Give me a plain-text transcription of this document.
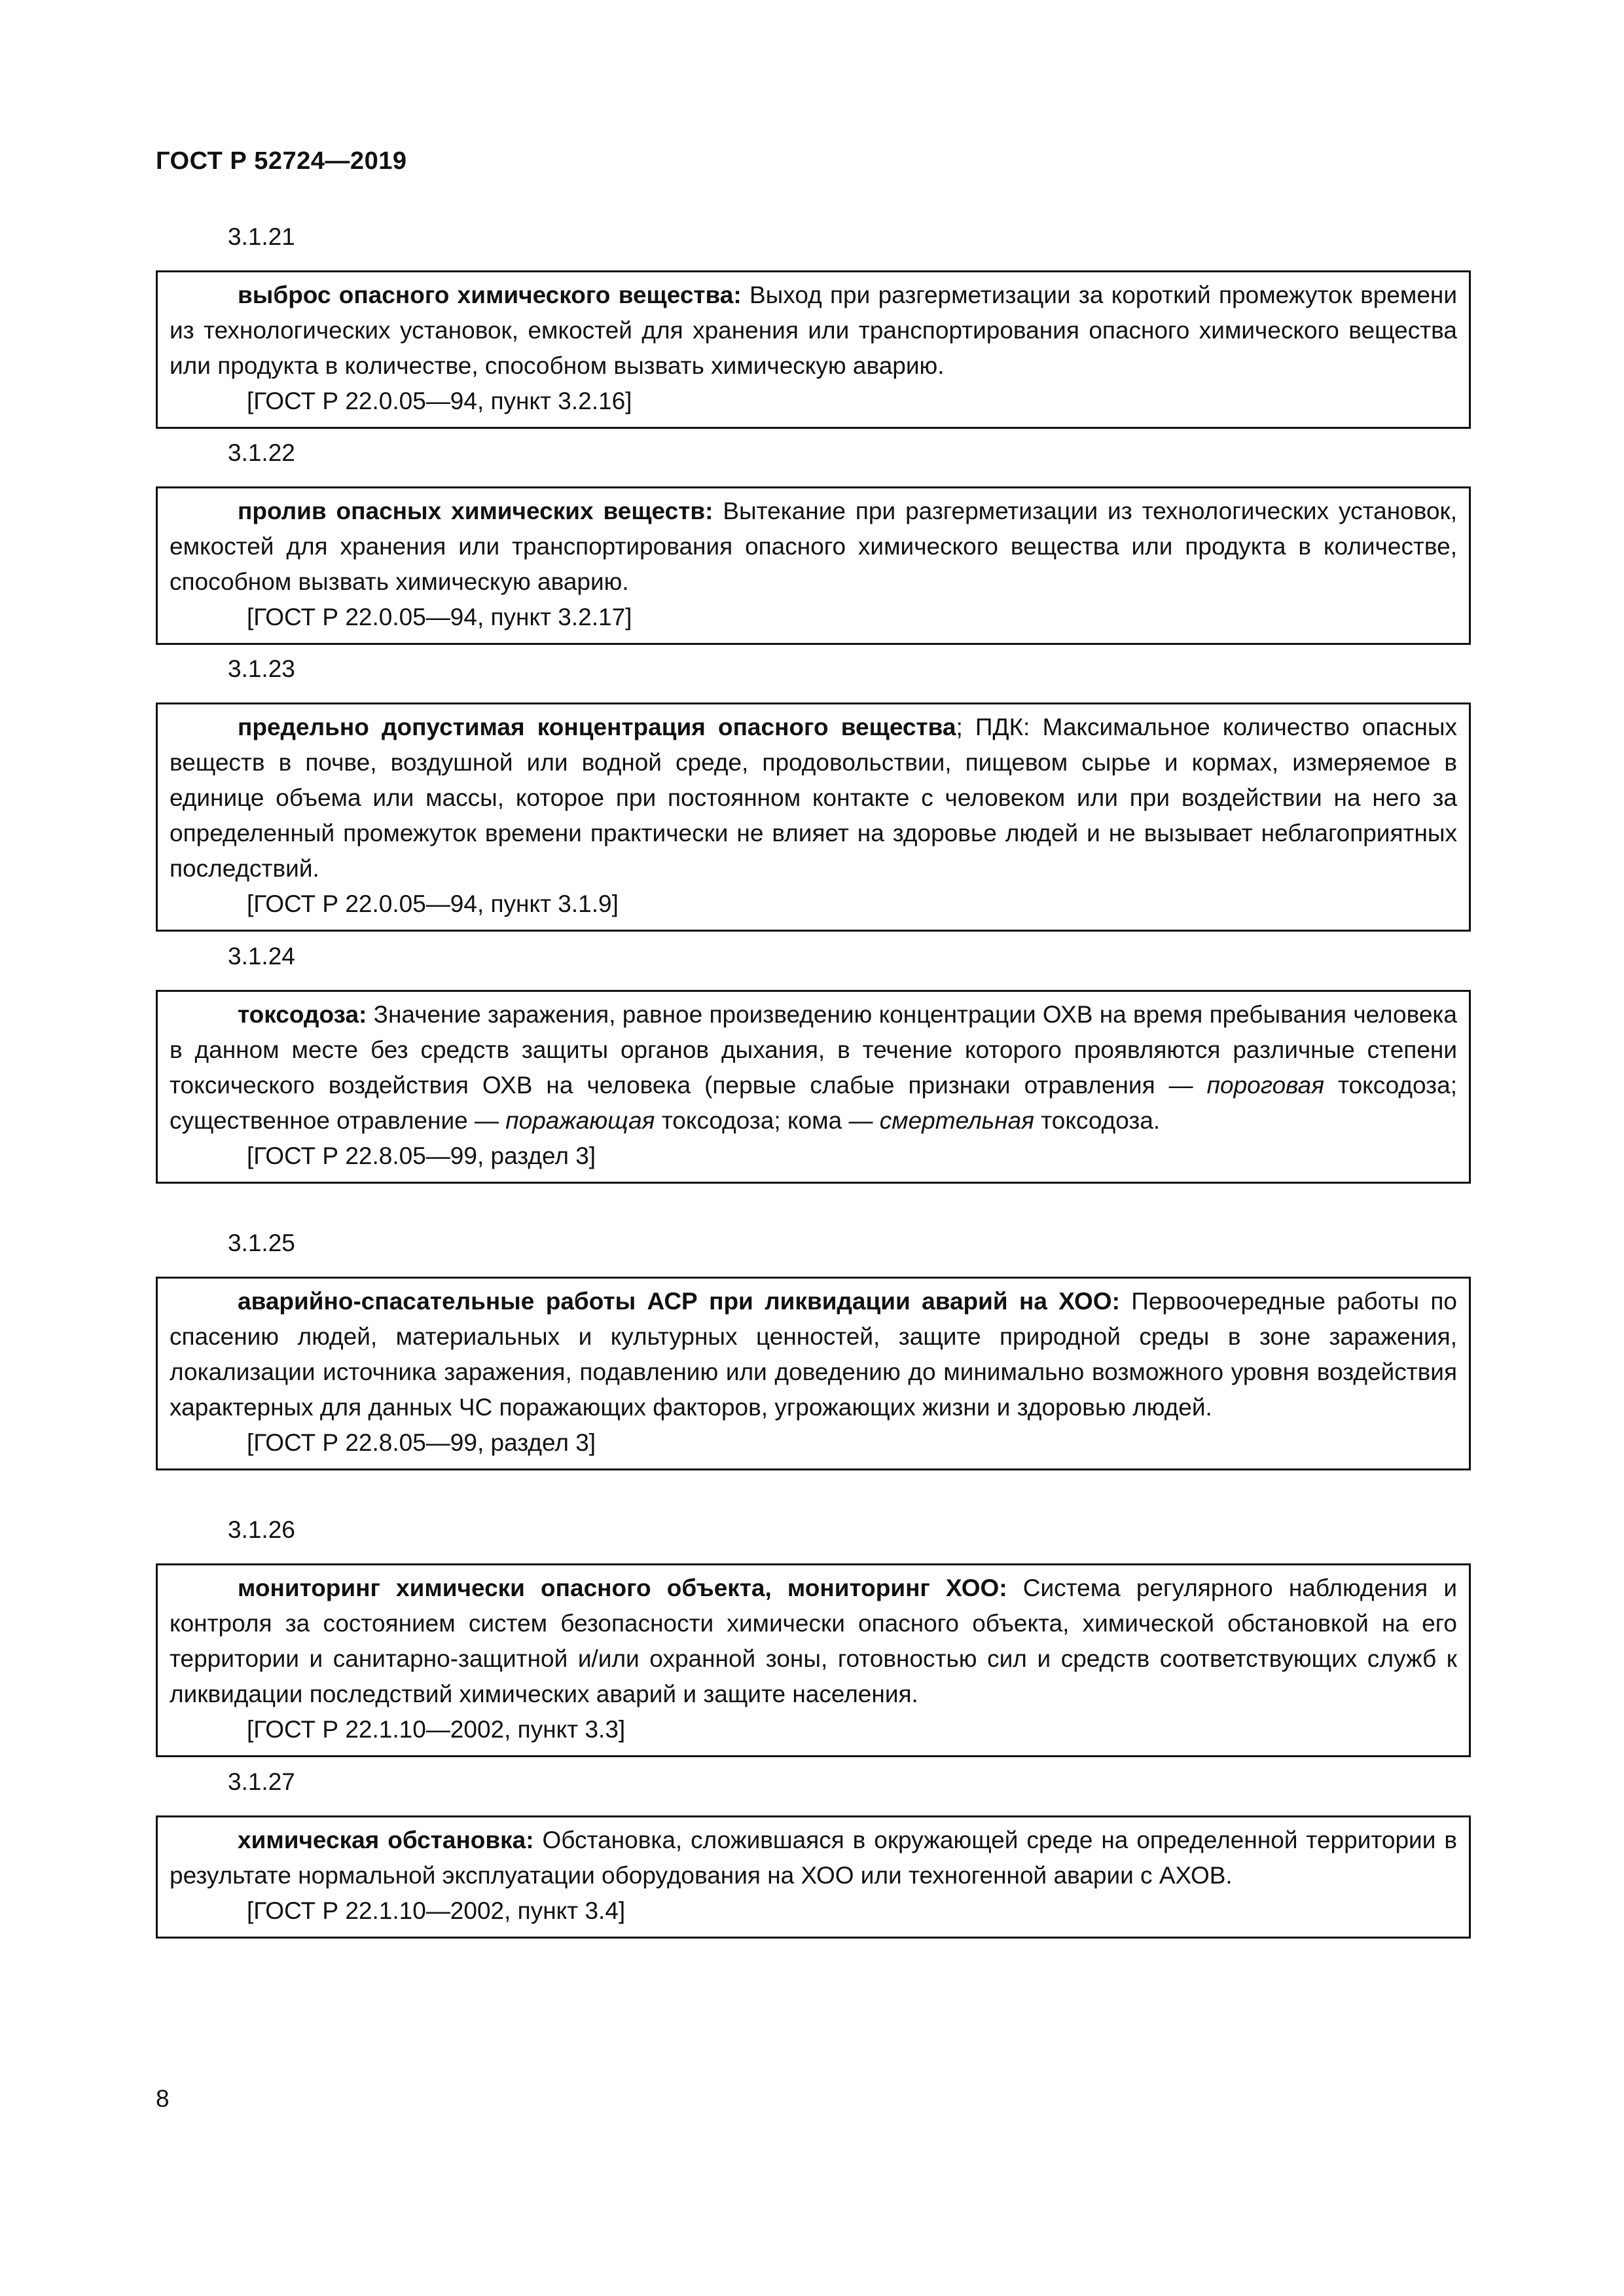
ГОСТ Р 52724—2019
3.1.21

выброс опасного химического вещества: Выход при разгерметизации за короткий промежуток времени из технологических установок, емкостей для хранения или транспортирования опасного химического вещества или продукта в количестве, способном вызвать химическую аварию.

[ГОСТ Р 22.0.05—94, пункт 3.2.16]

3.1.22

пролив опасных химических веществ: Вытекание при разгерметизации из технологических установок, емкостей для хранения или транспортирования опасного химического вещества или продукта в количестве, способном вызвать химическую аварию.

[ГОСТ Р 22.0.05—94, пункт 3.2.17]

3.1.23

предельно допустимая концентрация опасного вещества; ПДК: Максимальное количество опасных веществ в почве, воздушной или водной среде, продовольствии, пищевом сырье и кормах, измеряемое в единице объема или массы, которое при постоянном контакте с человеком или при воздействии на него за определенный промежуток времени практически не влияет на здоровье людей и не вызывает неблагоприятных последствий.

[ГОСТ Р 22.0.05—94, пункт 3.1.9]

3.1.24

токсодоза: Значение заражения, равное произведению концентрации ОХВ на время пребывания человека в данном месте без средств защиты органов дыхания, в течение которого проявляются различные степени токсического воздействия ОХВ на человека (первые слабые признаки отравления — пороговая токсодоза; существенное отравление — поражающая токсодоза; кома — смертельная токсодоза.

[ГОСТ Р 22.8.05—99, раздел 3]

3.1.25

аварийно-спасательные работы АСР при ликвидации аварий на ХОО: Первоочередные работы по спасению людей, материальных и культурных ценностей, защите природной среды в зоне заражения, локализации источника заражения, подавлению или доведению до минимально возможного уровня воздействия характерных для данных ЧС поражающих факторов, угрожающих жизни и здоровью людей.

[ГОСТ Р 22.8.05—99, раздел 3]

3.1.26

мониторинг химически опасного объекта, мониторинг ХОО: Система регулярного наблюдения и контроля за состоянием систем безопасности химически опасного объекта, химической обстановкой на его территории и санитарно-защитной и/или охранной зоны, готовностью сил и средств соответствующих служб к ликвидации последствий химических аварий и защите населения.

[ГОСТ Р 22.1.10—2002, пункт 3.3]

3.1.27

химическая обстановка: Обстановка, сложившаяся в окружающей среде на определенной территории в результате нормальной эксплуатации оборудования на ХОО или техногенной аварии с АХОВ.

[ГОСТ Р 22.1.10—2002, пункт 3.4]

8
